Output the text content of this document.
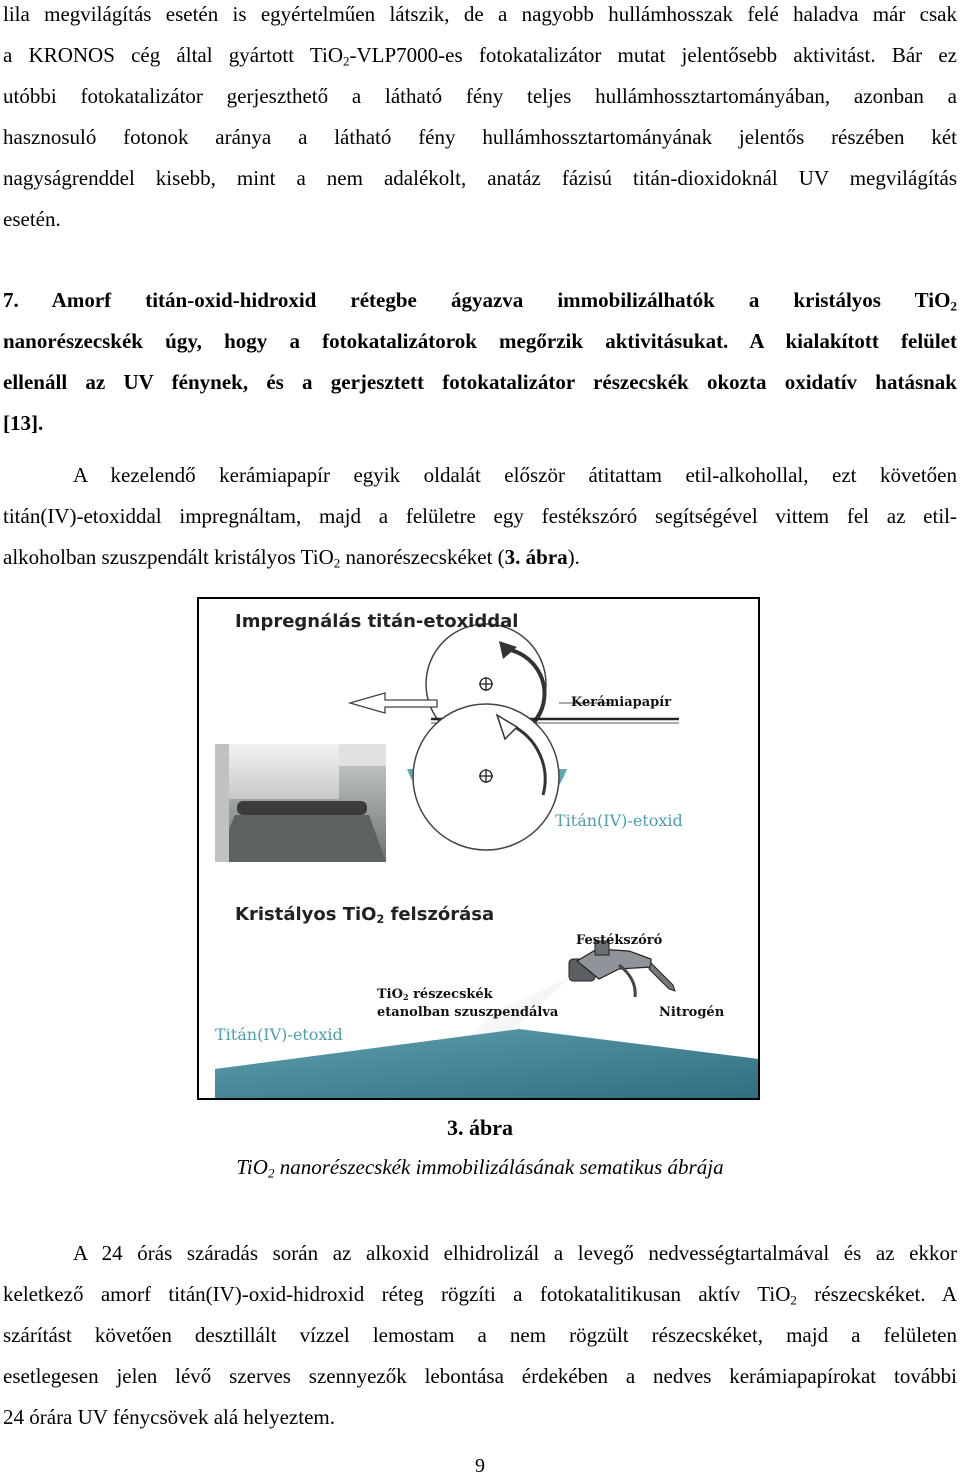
lila megvilágítás esetén is egyértelműen látszik, de a nagyobb hullámhosszak felé haladva már csak
a KRONOS cég által gyártott TiO$_2$-VLP7000-es fotokatalizátor mutat jelentősebb aktivitást. Bár ez
utóbbi fotokatalizátor gerjeszthető a látható fény teljes hullámhossztartományában, azonban a
hasznosuló fotonok aránya a látható fény hullámhossztartományának jelentős részében két
nagyságrenddel kisebb, mint a nem adalékolt, anatáz fázisú titán-dioxidoknál UV megvilágítás
esetén.
7. Amorf titán-oxid-hidroxid rétegbe ágyazva immobilizálhatók a kristályos TiO$_2$
nanorészecskék úgy, hogy a fotokatalizátorok megőrzik aktivitásukat. A kialakított felület
ellenáll az UV fénynek, és a gerjesztett fotokatalizátor részecskék okozta oxidatív hatásnak
[13].
A kezelendő kerámiapapír egyik oldalát először átitattam etil-alkohollal, ezt követően
titán(IV)-etoxiddal impregnáltam, majd a felületre egy festékszóró segítségével vittem fel az etil-
alkoholban szuszpendált kristályos TiO$_2$ nanorészecskéket (3. ábra).
Impregnálás titán-etoxiddal
Kerámiapapír
Titán(IV)-etoxid
Kristályos TiO$_2$ felszórása
Festékszóró
TiO$_2$ részecskék
etanolban szuszpendálva	Nitrogén
Titán(IV)-etoxid
3. ábra
TiO$_2$ nanorészecskék immobilizálásának sematikus ábrája
A 24 órás száradás során az alkoxid elhidrolizál a levegő nedvességtartalmával és az ekkor
keletkező amorf titán(IV)-oxid-hidroxid réteg rögzíti a fotokatalitikusan aktív TiO$_2$ részecskéket. A
szárítást követően desztillált vízzel lemostam a nem rögzült részecskéket, majd a felületen
esetlegesen jelen lévő szerves szennyezők lebontása érdekében a nedves kerámiapapírokat további
24 órára UV fénycsövek alá helyeztem.
9
